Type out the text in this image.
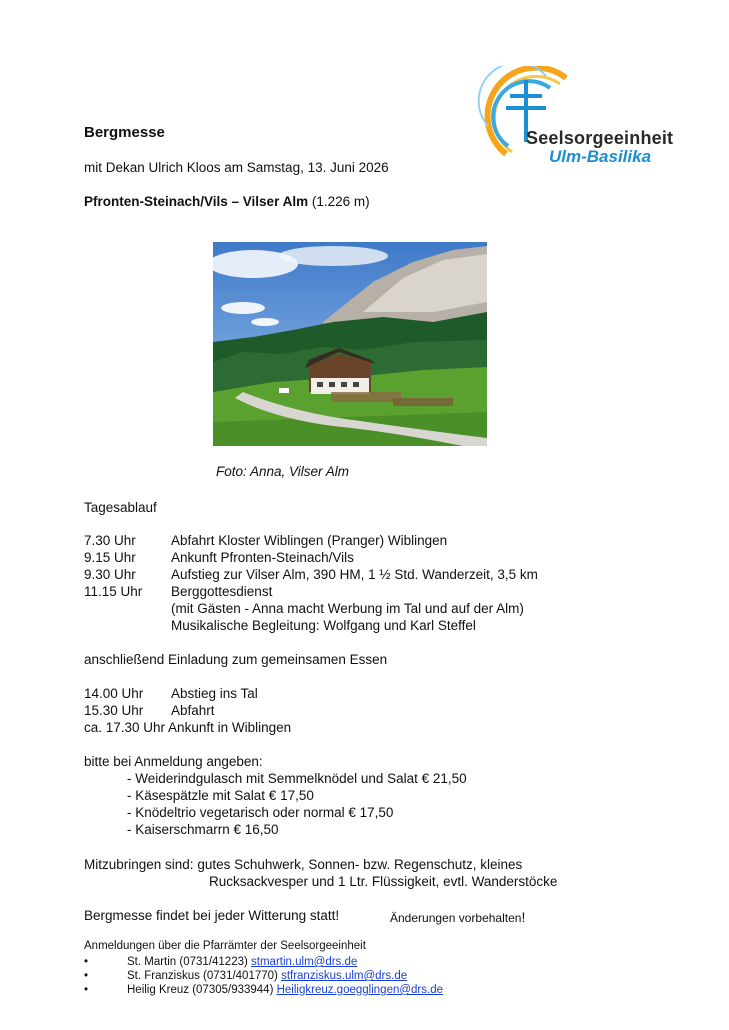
Seelsorgeeinheit
Ulm-Basilika
Bergmesse
mit Dekan Ulrich Kloos am Samstag, 13. Juni 2026
Pfronten-Steinach/Vils – Vilser Alm (1.226 m)
Foto: Anna, Vilser Alm
Tagesablauf
7.30 Uhr	Abfahrt Kloster Wiblingen (Pranger) Wiblingen
9.15 Uhr	Ankunft Pfronten-Steinach/Vils
9.30 Uhr	Aufstieg zur Vilser Alm, 390 HM, 1 ½ Std. Wanderzeit, 3,5 km
11.15 Uhr Berggottesdienst
(mit Gästen - Anna macht Werbung im Tal und auf der Alm)
Musikalische Begleitung: Wolfgang und Karl Steffel
anschließend Einladung zum gemeinsamen Essen
14.00 Uhr Abstieg ins Tal
15.30 Uhr Abfahrt
ca. 17.30 Uhr Ankunft in Wiblingen
bitte bei Anmeldung angeben:
- Weiderindgulasch mit Semmelknödel und Salat € 21,50
- Käsespätzle mit Salat € 17,50
- Knödeltrio vegetarisch oder normal € 17,50
- Kaiserschmarrn € 16,50
Mitzubringen sind: gutes Schuhwerk, Sonnen- bzw. Regenschutz, kleines
Rucksackvesper und 1 Ltr. Flüssigkeit, evtl. Wanderstöcke
Bergmesse findet bei jeder Witterung statt!	Änderungen vorbehalten!
Anmeldungen über die Pfarrämter der Seelsorgeeinheit
•	St. Martin (0731/41223) stmartin.ulm@drs.de
•	St. Franziskus (0731/401770) stfranziskus.ulm@drs.de
•	Heilig Kreuz (07305/933944) Heiligkreuz.goegglingen@drs.de
